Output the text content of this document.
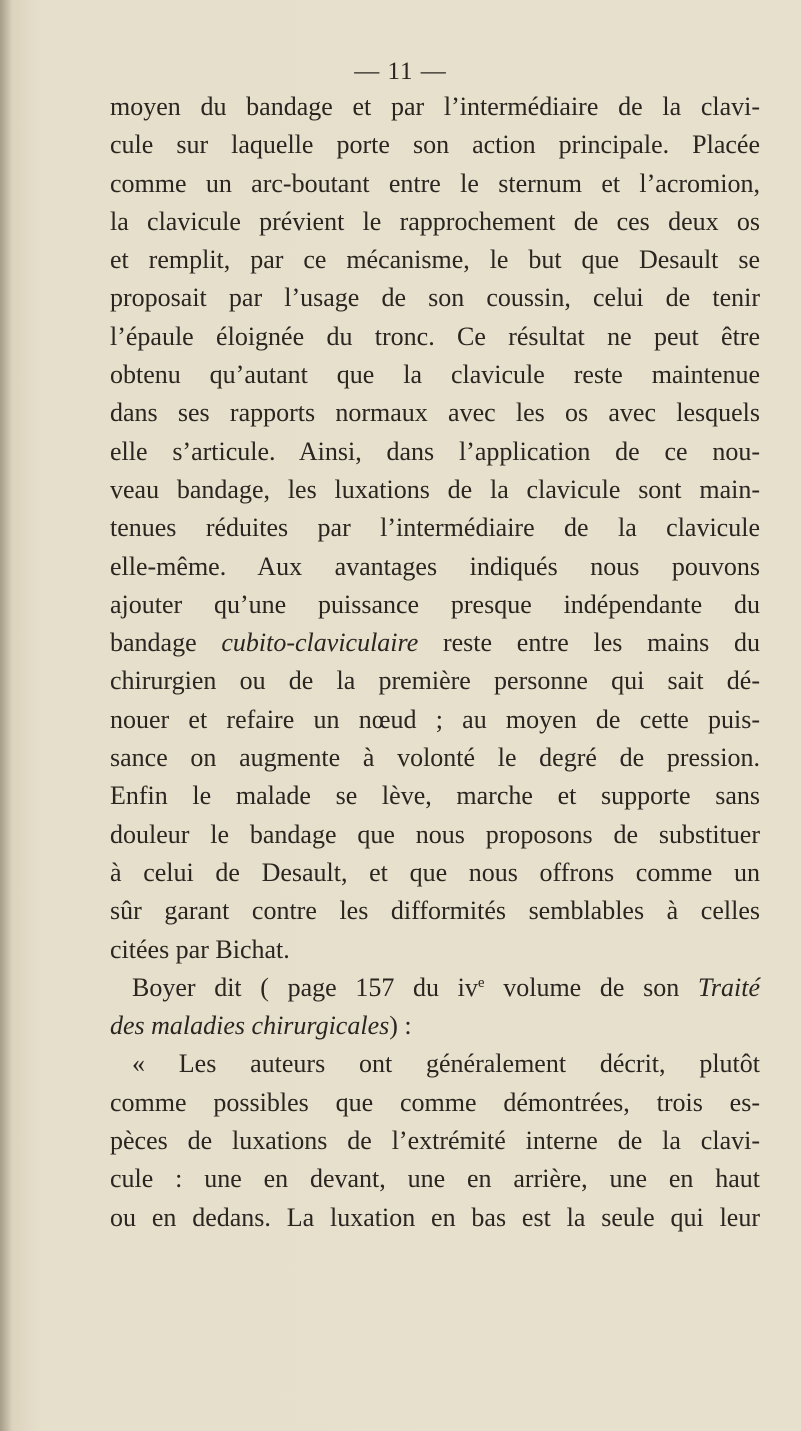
— 11 —
moyen du bandage et par l’intermédiaire de la clavi-
cule sur laquelle porte son action principale. Placée
comme un arc-boutant entre le sternum et l’acromion,
la clavicule prévient le rapprochement de ces deux os
et remplit, par ce mécanisme, le but que Desault se
proposait par l’usage de son coussin, celui de tenir
l’épaule éloignée du tronc. Ce résultat ne peut être
obtenu qu’autant que la clavicule reste maintenue
dans ses rapports normaux avec les os avec lesquels
elle s’articule. Ainsi, dans l’application de ce nou-
veau bandage, les luxations de la clavicule sont main-
tenues réduites par l’intermédiaire de la clavicule
elle-même. Aux avantages indiqués nous pouvons
ajouter qu’une puissance presque indépendante du
bandage cubito-claviculaire reste entre les mains du
chirurgien ou de la première personne qui sait dé-
nouer et refaire un nœud ; au moyen de cette puis-
sance on augmente à volonté le degré de pression.
Enfin le malade se lève, marche et supporte sans
douleur le bandage que nous proposons de substituer
à celui de Desault, et que nous offrons comme un
sûr garant contre les difformités semblables à celles
citées par Bichat.
Boyer dit ( page 157 du $iv^e$ volume de son Traité
des maladies chirurgicales) :
« Les auteurs ont généralement décrit, plutôt
comme possibles que comme démontrées, trois es-
pèces de luxations de l’extrémité interne de la clavi-
cule : une en devant, une en arrière, une en haut
ou en dedans. La luxation en bas est la seule qui leur
